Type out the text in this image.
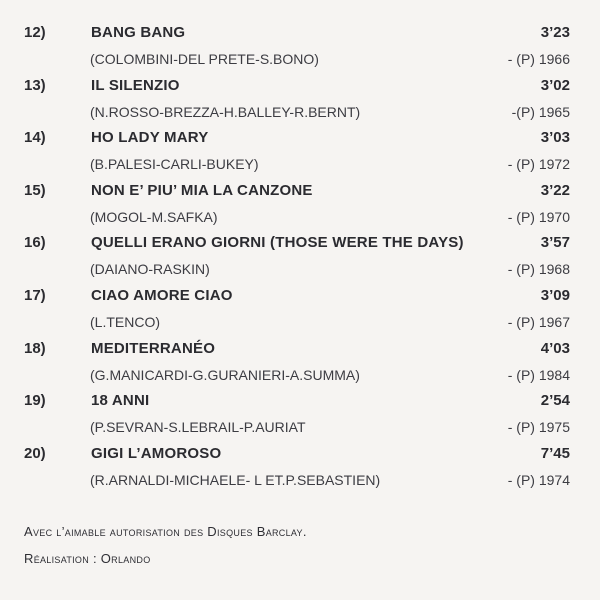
12)	BANG BANG	3’23
(COLOMBINI-DEL PRETE-S.BONO)	- (P) 1966
13)	IL SILENZIO	3’02
(N.ROSSO-BREZZA-H.BALLEY-R.BERNT)	-(P) 1965
14)	HO LADY MARY	3’03
(B.PALESI-CARLI-BUKEY)	- (P) 1972
15)	NON E’ PIU’ MIA LA CANZONE	3’22
(MOGOL-M.SAFKA)	- (P) 1970
16)	QUELLI ERANO GIORNI (THOSE WERE THE DAYS)	3’57
(DAIANO-RASKIN)	- (P) 1968
17)	CIAO AMORE CIAO	3’09
(L.TENCO)	- (P) 1967
18)	MEDITERRANÉO	4’03
(G.MANICARDI-G.GURANIERI-A.SUMMA)	- (P) 1984
19)	18 ANNI	2’54
(P.SEVRAN-S.LEBRAIL-P.AURIAT	- (P) 1975
20)	GIGI L’AMOROSO	7’45
(R.ARNALDI-MICHAELE- L ET.P.SEBASTIEN)	- (P) 1974
Avec l’aimable autorisation des Disques Barclay.
Réalisation : Orlando
